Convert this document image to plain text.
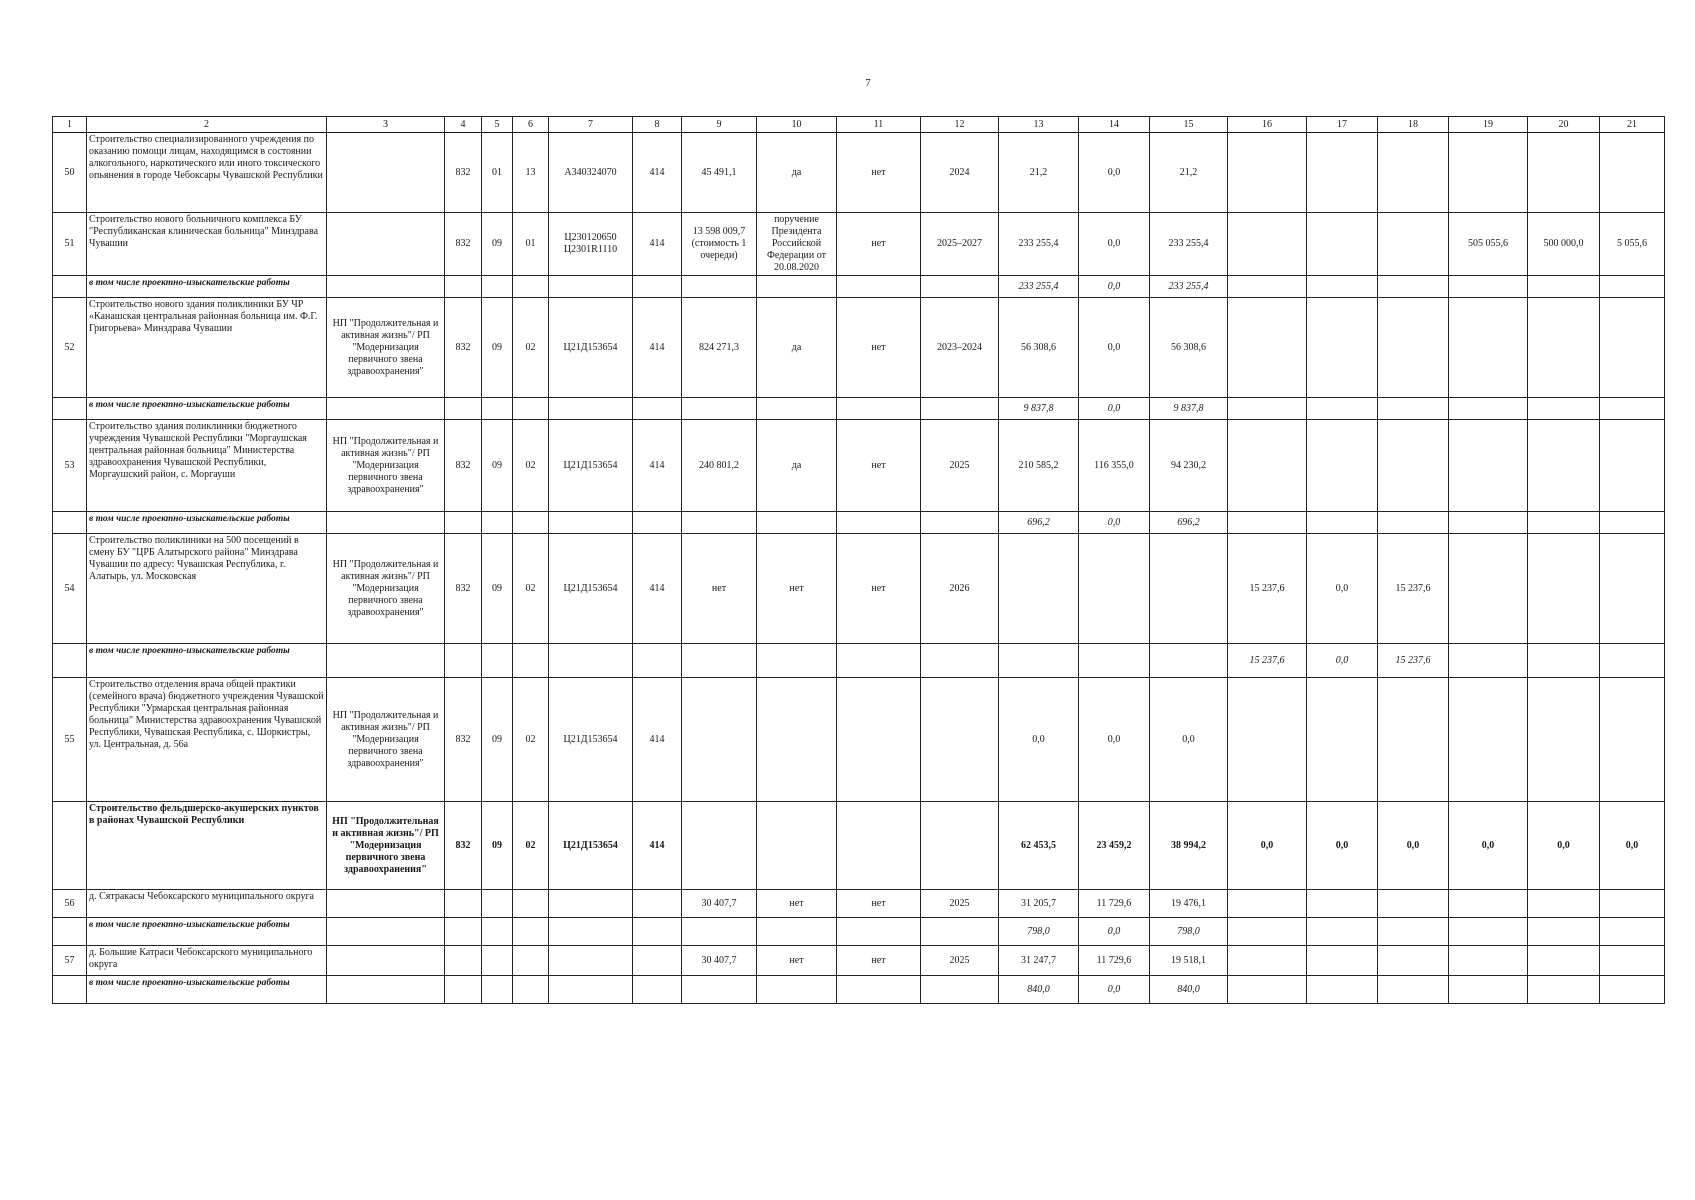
7
1	2	3	4	5	6	7	8	9	10	11	12	13	14	15	16	17	18	19	20	21
50	Строительство специализированного учреждения по оказанию помощи лицам, находящимся в состоянии алкогольного, наркотического или иного токсического опьянения в городе Чебоксары Чувашской Республики		832	01	13	А340324070	414	45 491,1	да	нет	2024	21,2	0,0	21,2						
51	Строительство нового больничного комплекса БУ "Республиканская клиническая больница" Минздрава Чувашии		832	09	01	Ц230120650 Ц2301R1110	414	13 598 009,7 (стоимость 1 очереди)	поручение Президента Российской Федерации от 20.08.2020	нет	2025–2027	233 255,4	0,0	233 255,4				505 055,6	500 000,0	5 055,6
	в том числе проектно-изыскательские работы											233 255,4	0,0	233 255,4						
52	Строительство нового здания поликлиники БУ ЧР «Канашская центральная районная больница им. Ф.Г. Григорьева» Минздрава Чувашии	НП "Продолжительная и активная жизнь"/ РП "Модернизация первичного звена здравоохранения"	832	09	02	Ц21Д153654	414	824 271,3	да	нет	2023–2024	56 308,6	0,0	56 308,6						
	в том числе проектно-изыскательские работы											9 837,8	0,0	9 837,8						
53	Строительство здания поликлиники бюджетного учреждения Чувашской Республики "Моргаушская центральная районная больница" Министерства здравоохранения Чувашской Республики, Моргаушский район, с. Моргауши	НП "Продолжительная и активная жизнь"/ РП "Модернизация первичного звена здравоохранения"	832	09	02	Ц21Д153654	414	240 801,2	да	нет	2025	210 585,2	116 355,0	94 230,2						
	в том числе проектно-изыскательские работы											696,2	0,0	696,2						
54	Строительство поликлиники на 500 посещений в смену БУ "ЦРБ Алатырского района" Минздрава Чувашии по адресу: Чувашская Республика, г. Алатырь, ул. Московская	НП "Продолжительная и активная жизнь"/ РП "Модернизация первичного звена здравоохранения"	832	09	02	Ц21Д153654	414	нет	нет	нет	2026				15 237,6	0,0	15 237,6			
	в том числе проектно-изыскательские работы														15 237,6	0,0	15 237,6			
55	Строительство отделения врача общей практики (семейного врача) бюджетного учреждения Чувашской Республики "Урмарская центральная районная больница" Министерства здравоохранения Чувашской Республики, Чувашская Республика, с. Шоркистры, ул. Центральная, д. 56а	НП "Продолжительная и активная жизнь"/ РП "Модернизация первичного звена здравоохранения"	832	09	02	Ц21Д153654	414					0,0	0,0	0,0						
	Строительство фельдшерско-акушерских пунктов в районах Чувашской Республики	НП "Продолжительная и активная жизнь"/ РП "Модернизация первичного звена здравоохранения"	832	09	02	Ц21Д153654	414					62 453,5	23 459,2	38 994,2	0,0	0,0	0,0	0,0	0,0	0,0
56	д. Сятракасы Чебоксарского муниципального округа							30 407,7	нет	нет	2025	31 205,7	11 729,6	19 476,1						
	в том числе проектно-изыскательские работы											798,0	0,0	798,0						
57	д. Большие Катраси Чебоксарского муниципального округа							30 407,7	нет	нет	2025	31 247,7	11 729,6	19 518,1						
	в том числе проектно-изыскательские работы											840,0	0,0	840,0						
